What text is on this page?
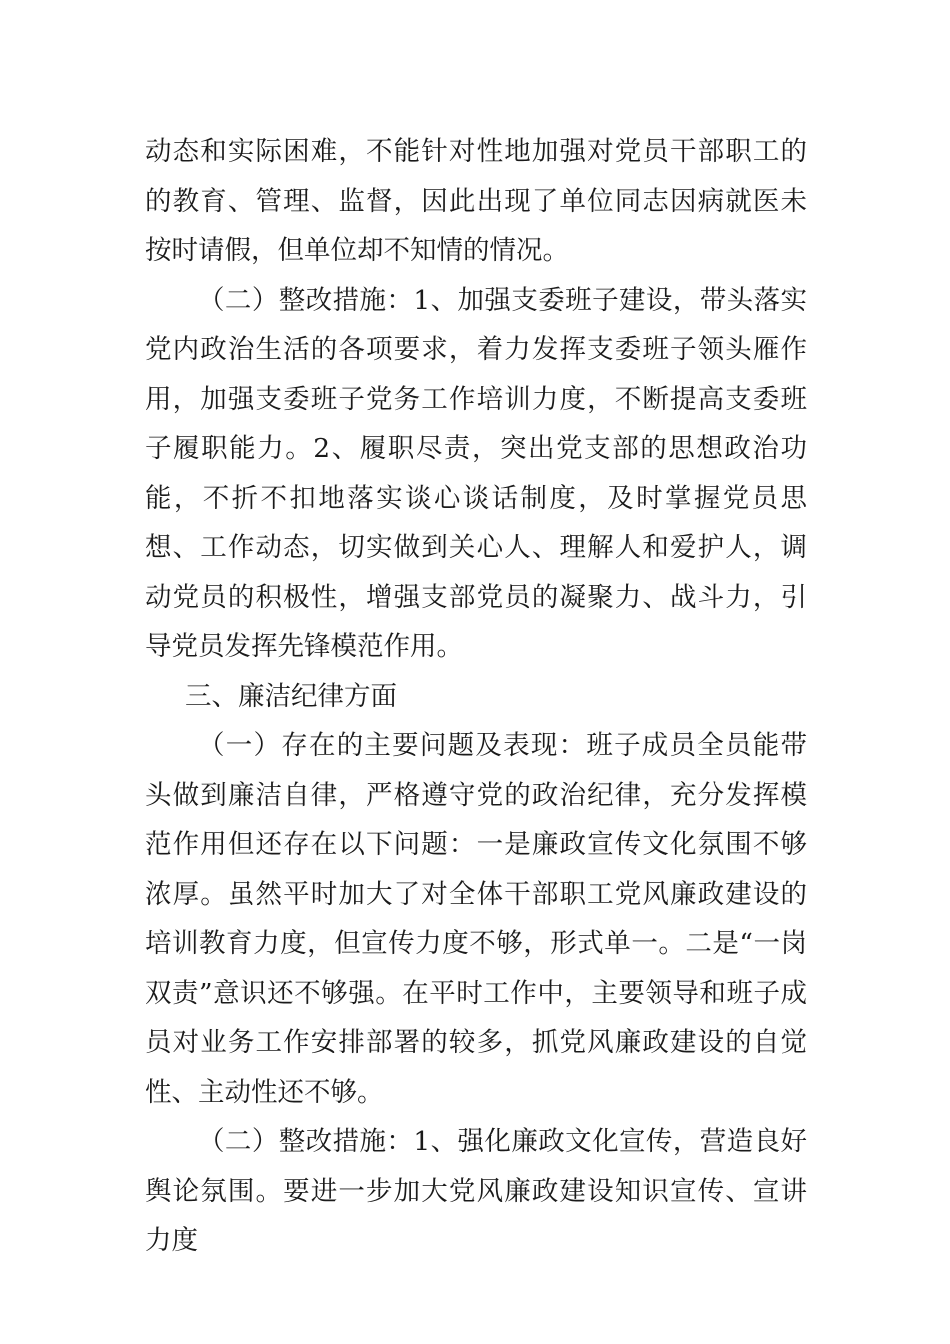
动态和实际困难，不能针对性地加强对党员干部职工的的教育、管理、监督，因此出现了单位同志因病就医未按时请假，但单位却不知情的情况。

（二）整改措施：1、加强支委班子建设，带头落实党内政治生活的各项要求，着力发挥支委班子领头雁作用，加强支委班子党务工作培训力度，不断提高支委班子履职能力。2、履职尽责，突出党支部的思想政治功能，不折不扣地落实谈心谈话制度，及时掌握党员思想、工作动态，切实做到关心人、理解人和爱护人，调动党员的积极性，增强支部党员的凝聚力、战斗力，引导党员发挥先锋模范作用。

三、廉洁纪律方面

（一）存在的主要问题及表现：班子成员全员能带头做到廉洁自律，严格遵守党的政治纪律，充分发挥模范作用但还存在以下问题：一是廉政宣传文化氛围不够浓厚。虽然平时加大了对全体干部职工党风廉政建设的培训教育力度，但宣传力度不够，形式单一。二是“一岗双责”意识还不够强。在平时工作中，主要领导和班子成员对业务工作安排部署的较多，抓党风廉政建设的自觉性、主动性还不够。

（二）整改措施：1、强化廉政文化宣传，营造良好舆论氛围。要进一步加大党风廉政建设知识宣传、宣讲力度
